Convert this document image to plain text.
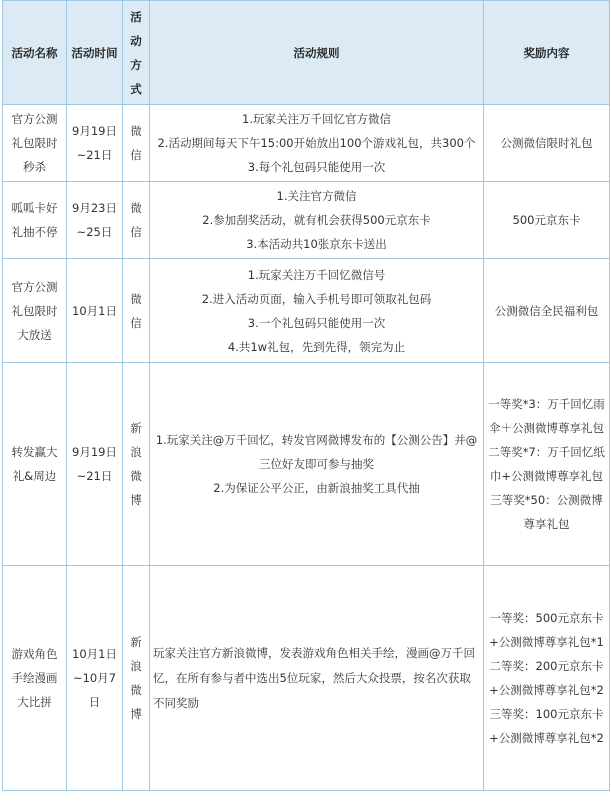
活动名称	活动时间	活动方式	活动规则	奖励内容
官方公测礼包限时秒杀	9月19日~21日	微信	1.玩家关注万千回忆官方微信
2.活动期间每天下午15:00开始放出100个游戏礼包，共300个
3.每个礼包码只能使用一次	公测微信限时礼包

呱呱卡好礼抽不停	9月23日~25日	微信	1.关注官方微信
2.参加刮奖活动，就有机会获得500元京东卡
3.本活动共10张京东卡送出	500元京东卡

官方公测礼包限时大放送	10月1日	微信	1.玩家关注万千回忆微信号
2.进入活动页面，输入手机号即可领取礼包码
3.一个礼包码只能使用一次
4.共1w礼包，先到先得，领完为止	公测微信全民福利包

转发赢大礼&周边	9月19日~21日	新浪微博	1.玩家关注@万千回忆，转发官网微博发布的【公测公告】并@三位好友即可参与抽奖
2.为保证公平公正，由新浪抽奖工具代抽	一等奖*3：万千回忆雨伞＋公测微博尊享礼包
二等奖*7：万千回忆纸巾+公测微博尊享礼包
三等奖*50：公测微博尊享礼包

游戏角色手绘漫画大比拼	10月1日~10月7日	新浪微博	玩家关注官方新浪微博，发表游戏角色相关手绘，漫画@万千回忆，在所有参与者中选出5位玩家，然后大众投票，按名次获取不同奖励	一等奖：500元京东卡+公测微博尊享礼包*1
二等奖：200元京东卡+公测微博尊享礼包*2
三等奖：100元京东卡+公测微博尊享礼包*2
